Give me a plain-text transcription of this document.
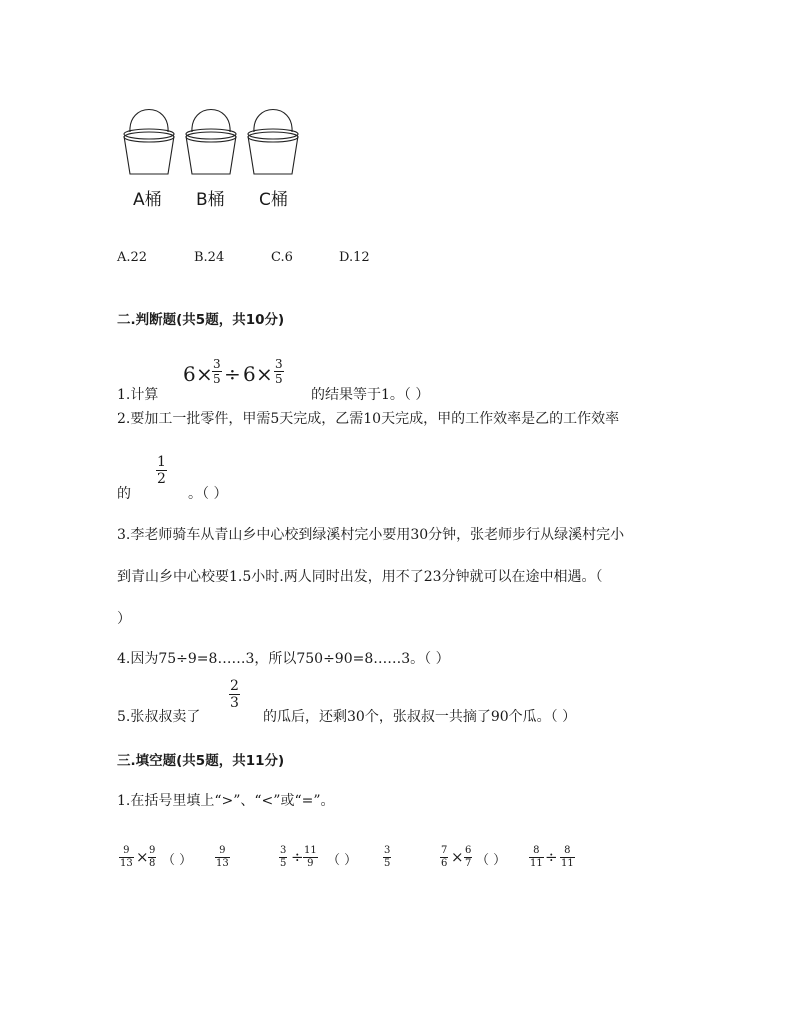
A桶 B桶 C桶
A.22	B.24	C.6	D.12
二.判断题(共5题，共10分)
1.计算
6 × 3
5 ÷ 6 × 3
5
的结果等于1。（ ）
2.要加工一批零件，甲需5天完成，乙需10天完成，甲的工作效率是乙的工作效率
的
1
2
。（ ）
3.李老师骑车从青山乡中心校到绿溪村完小要用30分钟，张老师步行从绿溪村完小
到青山乡中心校要1.5小时.两人同时出发，用不了23分钟就可以在途中相遇。（
）
4.因为75÷9=8……3，所以750÷90=8……3。（ ）
5.张叔叔卖了
2
3
的瓜后，还剩30个，张叔叔一共摘了90个瓜。（ ）
三.填空题(共5题，共11分)
1.在括号里填上“>”、“<”或“=”。
9
13 × 9
8 （ ）
9
13
3
5 ÷ 11
9 （ ）
3
5
7
6 × 6
7 （ ）
8
11 ÷ 8
11
